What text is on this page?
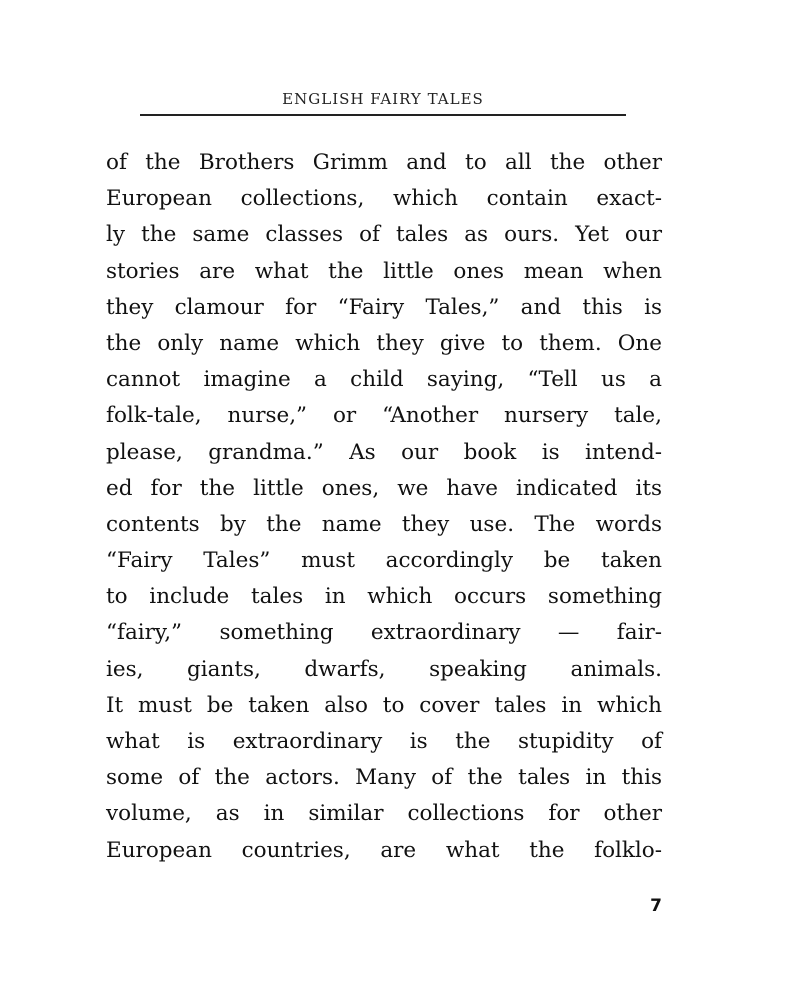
ENGLISH FAIRY TALES
of the Brothers Grimm and to all the other
European collections, which contain exact-
ly the same classes of tales as ours. Yet our
stories are what the little ones mean when
they clamour for “Fairy Tales,” and this is
the only name which they give to them. One
cannot imagine a child saying, “Tell us a
folk-tale, nurse,” or “Another nursery tale,
please, grandma.” As our book is intend-
ed for the little ones, we have indicated its
contents by the name they use. The words
“Fairy Tales” must accordingly be taken
to include tales in which occurs something
“fairy,” something extraordinary — fair-
ies, giants, dwarfs, speaking animals.
It must be taken also to cover tales in which
what is extraordinary is the stupidity of
some of the actors. Many of the tales in this
volume, as in similar collections for other
European countries, are what the folklo-
7
